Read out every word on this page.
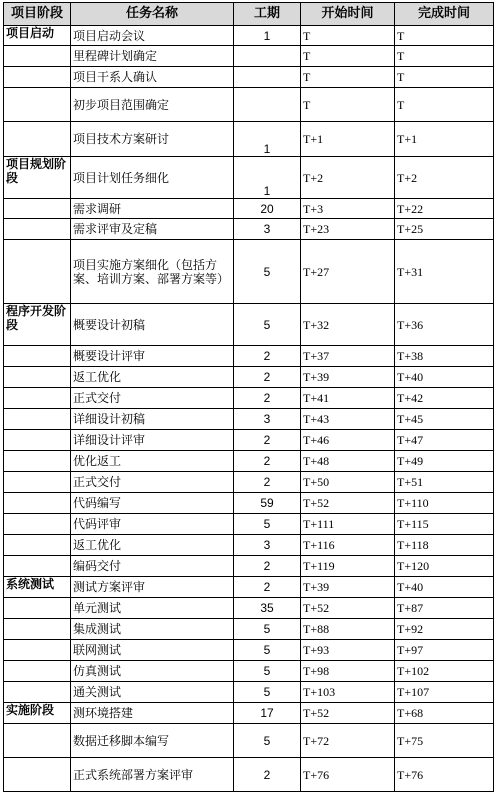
项目阶段	任务名称	工期	开始时间	完成时间
项目启动	项目启动会议	1	T	T
	里程碑计划确定		T	T
	项目干系人确认		T	T
	初步项目范围确定		T	T
	项目技术方案研讨	1	T+1	T+1
项目规划阶段	项目计划任务细化	1	T+2	T+2
	需求调研	20	T+3	T+22
	需求评审及定稿	3	T+23	T+25
	项目实施方案细化（包括方案、培训方案、部署方案等）	5	T+27	T+31
程序开发阶段	概要设计初稿	5	T+32	T+36
	概要设计评审	2	T+37	T+38
	返工优化	2	T+39	T+40
	正式交付	2	T+41	T+42
	详细设计初稿	3	T+43	T+45
	详细设计评审	2	T+46	T+47
	优化返工	2	T+48	T+49
	正式交付	2	T+50	T+51
	代码编写	59	T+52	T+110
	代码评审	5	T+111	T+115
	返工优化	3	T+116	T+118
	编码交付	2	T+119	T+120
系统测试	测试方案评审	2	T+39	T+40
	单元测试	35	T+52	T+87
	集成测试	5	T+88	T+92
	联网测试	5	T+93	T+97
	仿真测试	5	T+98	T+102
	通关测试	5	T+103	T+107
实施阶段	测环境搭建	17	T+52	T+68
	数据迁移脚本编写	5	T+72	T+75
	正式系统部署方案评审	2	T+76	T+76
